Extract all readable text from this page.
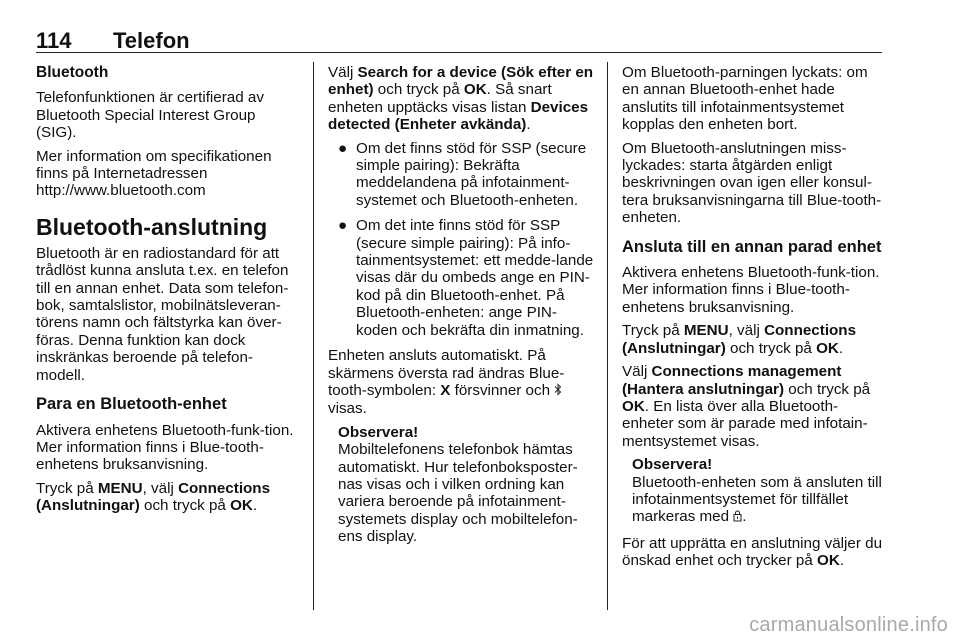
114 Telefon
Bluetooth

Telefonfunktionen är certifierad av Bluetooth Special Interest Group (SIG).

Mer information om specifikationen finns på Internetadressen
http://www.bluetooth.com

Bluetooth-anslutning

Bluetooth är en radiostandard för att trådlöst kunna ansluta t.ex. en telefon till en annan enhet. Data som telefon-bok, samtalslistor, mobilnätsleveran-törens namn och fältstyrka kan över-föras. Denna funktion kan dock inskränkas beroende på telefon-modell.

Para en Bluetooth-enhet

Aktivera enhetens Bluetooth-funk-tion. Mer information finns i Blue-tooth-enhetens bruksanvisning.

Tryck på MENU, välj Connections (Anslutningar) och tryck på OK.

Välj Search for a device (Sök efter en enhet) och tryck på OK. Så snart enheten upptäcks visas listan Devices detected (Enheter avkända).

● Om det finns stöd för SSP (secure simple pairing): Bekräfta meddelandena på infotainment-systemet och Bluetooth-enheten.
● Om det inte finns stöd för SSP (secure simple pairing): På info-tainmentsystemet: ett medde-lande visas där du ombeds ange en PIN-kod på din Bluetooth-enhet. På Bluetooth-enheten: ange PIN-koden och bekräfta din inmatning.

Enheten ansluts automatiskt. På skärmens översta rad ändras Blue-tooth-symbolen: X försvinner och  visas.

Observera!
Mobiltelefonens telefonbok hämtas automatiskt. Hur telefonboksposter-nas visas och i vilken ordning kan variera beroende på infotainment-systemets display och mobiltelefon-ens display.

Om Bluetooth-parningen lyckats: om en annan Bluetooth-enhet hade anslutits till infotainmentsystemet kopplas den enheten bort.

Om Bluetooth-anslutningen miss-lyckades: starta åtgärden enligt beskrivningen ovan igen eller konsul-tera bruksanvisningarna till Blue-tooth-enheten.

Ansluta till en annan parad enhet

Aktivera enhetens Bluetooth-funk-tion. Mer information finns i Blue-tooth-enhetens bruksanvisning.

Tryck på MENU, välj Connections (Anslutningar) och tryck på OK.

Välj Connections management (Hantera anslutningar) och tryck på OK. En lista över alla Bluetooth-enheter som är parade med infotain-mentsystemet visas.

Observera!
Bluetooth-enheten som ä ansluten till infotainmentsystemet för tillfället markeras med .

För att upprätta en anslutning väljer du önskad enhet och trycker på OK.

carmanualsonline.info
